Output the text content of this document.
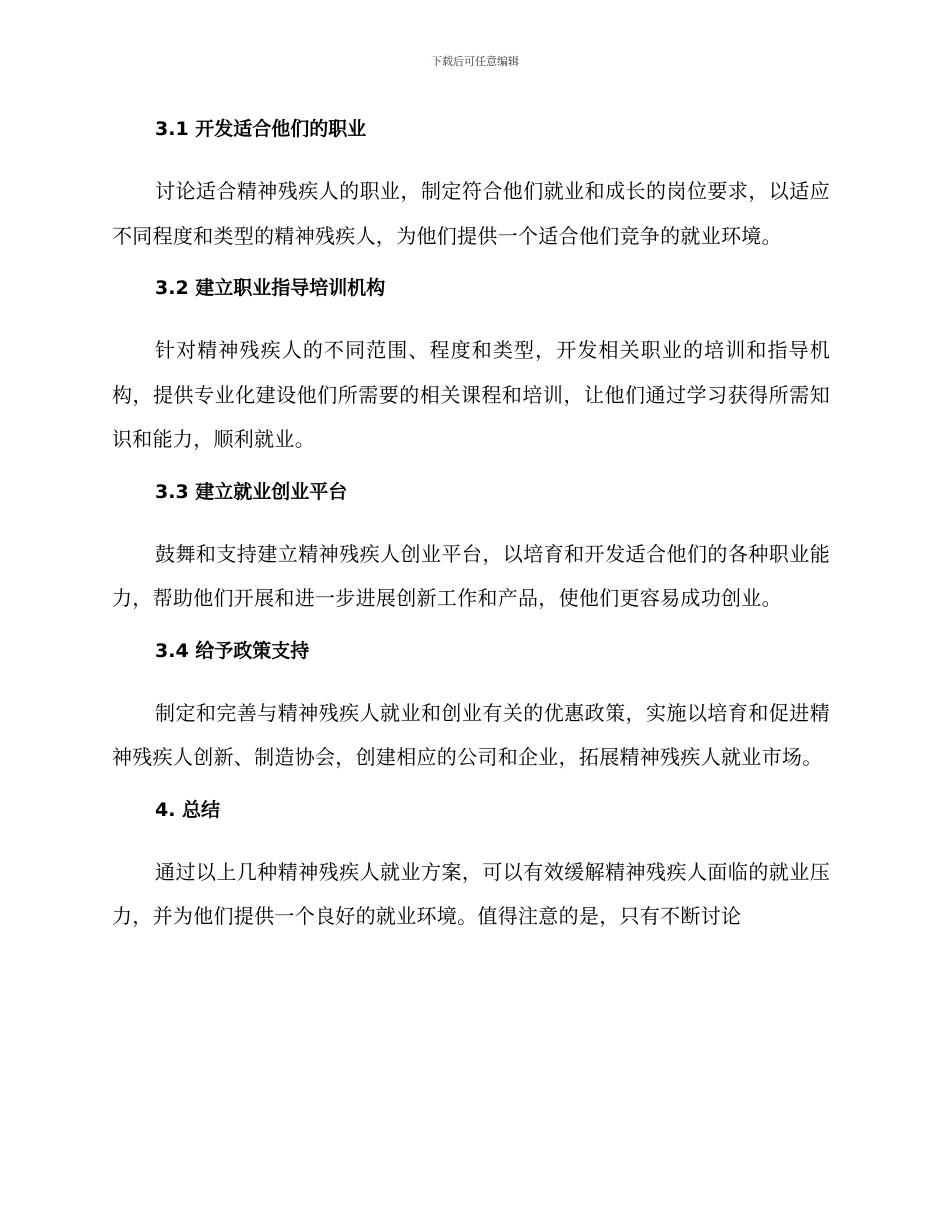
下载后可任意编辑
3.1 开发适合他们的职业

讨论适合精神残疾人的职业，制定符合他们就业和成长的岗位要求，以适应不同程度和类型的精神残疾人，为他们提供一个适合他们竞争的就业环境。

3.2 建立职业指导培训机构

针对精神残疾人的不同范围、程度和类型，开发相关职业的培训和指导机构，提供专业化建设他们所需要的相关课程和培训，让他们通过学习获得所需知识和能力，顺利就业。

3.3 建立就业创业平台

鼓舞和支持建立精神残疾人创业平台，以培育和开发适合他们的各种职业能力，帮助他们开展和进一步进展创新工作和产品，使他们更容易成功创业。

3.4 给予政策支持

制定和完善与精神残疾人就业和创业有关的优惠政策，实施以培育和促进精神残疾人创新、制造协会，创建相应的公司和企业，拓展精神残疾人就业市场。

4. 总结

通过以上几种精神残疾人就业方案，可以有效缓解精神残疾人面临的就业压力，并为他们提供一个良好的就业环境。值得注意的是，只有不断讨论
